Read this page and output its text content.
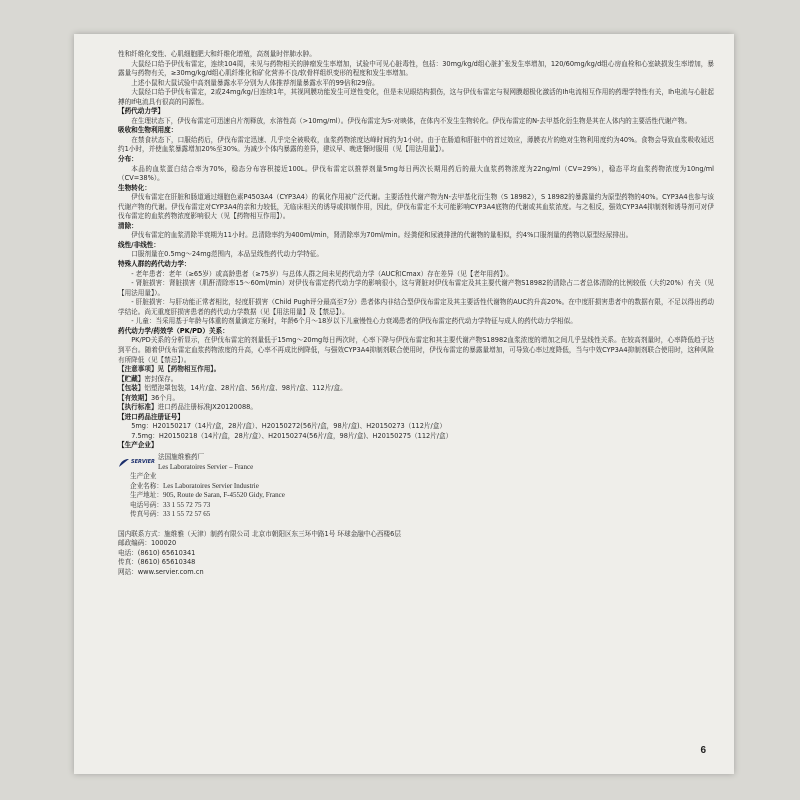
性和纤维化变性、心肌细胞肥大和纤维化增殖，高剂量时伴肺水肿。

大鼠经口给予伊伐布雷定，连续104周，未见与药物相关的肿瘤发生率增加，试验中可见心脏毒性，包括：30mg/kg/d组心脏扩张发生率增加，120/60mg/kg/d组心房血栓和心室缺损发生率增加，暴露量与药物有关，≥30mg/kg/d组心肌纤维化和矿化营养不良/软骨样组织变形的程度和发生率增加。

上述小鼠和大鼠试验中高剂量暴露水平分别为人体推荐剂量暴露水平的99倍和29倍。

大鼠经口给予伊伐布雷定，2或24mg/kg/日连续1年，其视网膜功能发生可逆性变化，但是未见眼结构损伤，这与伊伐布雷定与视网膜超极化激活的Ih电流相互作用的药理学特性有关，Ih电流与心脏起搏的If电流具有很高的同源性。

【药代动力学】

在生理状态下，伊伐布雷定可迅速自片剂释放，水溶性高（>10mg/ml）。伊伐布雷定为S-对映体，在体内不发生生物转化。伊伐布雷定的N-去甲基化衍生物是其在人体内的主要活性代谢产物。

吸收和生物利用度：

在禁食状态下，口服给药后，伊伐布雷定迅速、几乎完全被吸收，血浆药物浓度达峰时间约为1小时。由于在肠道和肝脏中的首过效应，薄膜衣片的绝对生物利用度约为40%。食物会导致血浆吸收延迟约1小时，并使血浆暴露增加20%至30%。为减少个体内暴露的差异，建议早、晚进餐时服用（见【用法用量】）。

分布：

本品的血浆蛋白结合率为70%，稳态分布容积接近100L。伊伐布雷定以推荐剂量5mg每日两次长期用药后的最大血浆药物浓度为22ng/ml（CV=29%），稳态平均血浆药物浓度为10ng/ml（CV=38%）。

生物转化：

伊伐布雷定在肝脏和肠道通过细胞色素P4503A4（CYP3A4）的氧化作用被广泛代谢。主要活性代谢产物为N-去甲基化衍生物（S 18982），S 18982的暴露量约为原型药物的40%。CYP3A4也参与该代谢产物的代谢。伊伐布雷定对CYP3A4的亲和力较低，无临床相关的诱导或抑制作用，因此，伊伐布雷定不太可能影响CYP3A4底物的代谢或其血浆浓度。与之相反，强效CYP3A4抑制剂和诱导剂可对伊伐布雷定的血浆药物浓度影响很大（见【药物相互作用】）。

清除：

伊伐布雷定的血浆清除半衰期为11小时。总清除率约为400ml/min，肾清除率为70ml/min。经粪便和尿液排泄的代谢物的量相似，约4%口服剂量的药物以原型经尿排出。

线性/非线性：

口服剂量在0.5mg～24mg范围内，本品呈线性药代动力学特征。

特殊人群的药代动力学：

- 老年患者：老年（≥65岁）或高龄患者（≥75岁）与总体人群之间未见药代动力学（AUC和Cmax）存在差异（见【老年用药】）。

- 肾脏损害：肾脏损害（肌酐清除率15～60ml/min）对伊伐布雷定药代动力学的影响很小，这与肾脏对伊伐布雷定及其主要代谢产物S18982的清除占二者总体清除的比例较低（大约20%）有关（见【用法用量】）。

- 肝脏损害：与肝功能正常者相比，轻度肝损害（Child Pugh评分最高至7分）患者体内非结合型伊伐布雷定及其主要活性代谢物的AUC约升高20%。在中度肝损害患者中的数据有限，不足以得出药动学结论。尚无重度肝损害患者的药代动力学数据（见【用法用量】及【禁忌】）。

- 儿童：当采用基于年龄与体重的剂量滴定方案时，年龄6个月～18岁以下儿童慢性心力衰竭患者的伊伐布雷定药代动力学特征与成人的药代动力学相似。

药代动力学/药效学（PK/PD）关系：

PK/PD关系的分析显示，在伊伐布雷定的剂量低于15mg～20mg每日两次时，心率下降与伊伐布雷定和其主要代谢产物S18982血浆浓度的增加之间几乎呈线性关系。在较高剂量时，心率降低趋于达到平台。随着伊伐布雷定血浆药物浓度的升高，心率不再成比例降低，与强效CYP3A4抑制剂联合使用时，伊伐布雷定的暴露量增加，可导致心率过度降低，当与中效CYP3A4抑制剂联合使用时，这种风险有所降低（见【禁忌】）。

【注意事项】见【药物相互作用】。

【贮藏】密封保存。

【包装】铝塑泡罩包装，14片/盒、28片/盒、56片/盒、98片/盒、112片/盒。

【有效期】36个月。

【执行标准】进口药品注册标准JX20120088。

【进口药品注册证号】

5mg：H20150217（14片/盒，28片/盒）、H20150272(56片/盒，98片/盒)、H20150273（112片/盒）

7.5mg：H20150218（14片/盒，28片/盒）、H20150274(56片/盒，98片/盒)、H20150275（112片/盒）

【生产企业】

SERVIER
法国施维雅药厂
Les Laboratoires Servier – France
生产企业
企业名称：Les Laboratoires Servier Industrie
生产地址：905, Route de Saran, F-45520 Gidy, France
电话号码：33 1 55 72 75 73
传真号码：33 1 55 72 57 65
国内联系方式：施维雅（天津）制药有限公司 北京市朝阳区东三环中路1号 环球金融中心西楼6层
邮政编码：100020
电话：(8610) 65610341
传真：(8610) 65610348
网站：www.servier.com.cn
6
